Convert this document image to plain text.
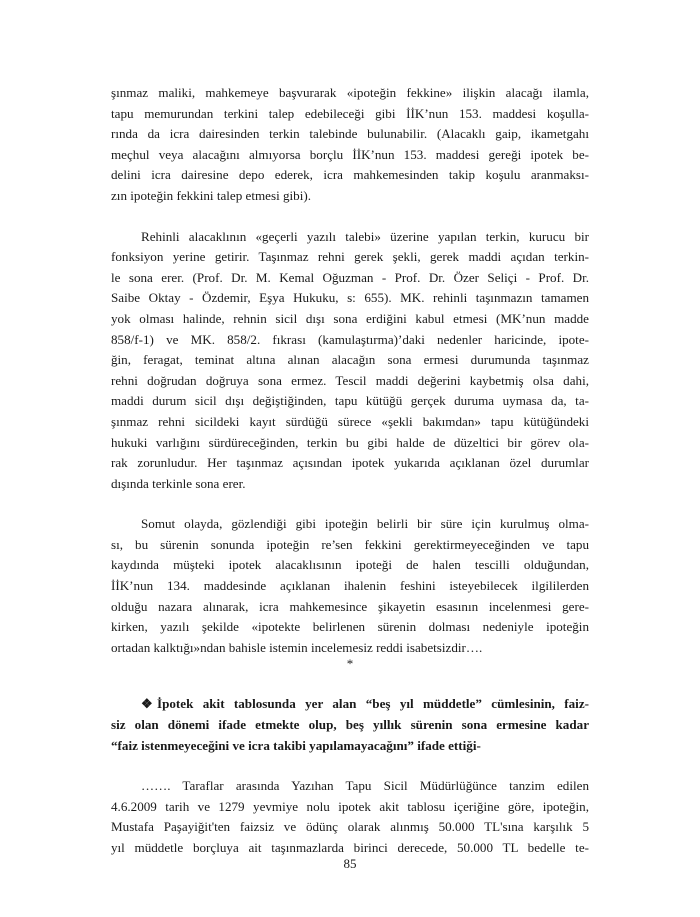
şınmaz maliki, mahkemeye başvurarak «ipoteğin fekkine» ilişkin alacağı ilamla,
tapu memurundan terkini talep edebileceği gibi İİK’nun 153. maddesi koşulla-
rında da icra dairesinden terkin talebinde bulunabilir. (Alacaklı gaip, ikametgahı
meçhul veya alacağını almıyorsa borçlu İİK’nun 153. maddesi gereği ipotek be-
delini icra dairesine depo ederek, icra mahkemesinden takip koşulu aranmaksı-
zın ipoteğin fekkini talep etmesi gibi).

Rehinli alacaklının «geçerli yazılı talebi» üzerine yapılan terkin, kurucu bir
fonksiyon yerine getirir. Taşınmaz rehni gerek şekli, gerek maddi açıdan terkin-
le sona erer. (Prof. Dr. M. Kemal Oğuzman - Prof. Dr. Özer Seliçi - Prof. Dr.
Saibe Oktay - Özdemir, Eşya Hukuku, s: 655). MK. rehinli taşınmazın tamamen
yok olması halinde, rehnin sicil dışı sona erdiğini kabul etmesi (MK’nun madde
858/f-1) ve MK. 858/2. fıkrası (kamulaştırma)’daki nedenler haricinde, ipote-
ğin, feragat, teminat altına alınan alacağın sona ermesi durumunda taşınmaz
rehni doğrudan doğruya sona ermez. Tescil maddi değerini kaybetmiş olsa dahi,
maddi durum sicil dışı değiştiğinden, tapu kütüğü gerçek duruma uymasa da, ta-
şınmaz rehni sicildeki kayıt sürdüğü sürece «şekli bakımdan» tapu kütüğündeki
hukuki varlığını sürdüreceğinden, terkin bu gibi halde de düzeltici bir görev ola-
rak zorunludur. Her taşınmaz açısından ipotek yukarıda açıklanan özel durumlar
dışında terkinle sona erer.

Somut olayda, gözlendiği gibi ipoteğin belirli bir süre için kurulmuş olma-
sı, bu sürenin sonunda ipoteğin re’sen fekkini gerektirmeyeceğinden ve tapu
kaydında müşteki ipotek alacaklısının ipoteği de halen tescilli olduğundan,
İİK’nun 134. maddesinde açıklanan ihalenin feshini isteyebilecek ilgililerden
olduğu nazara alınarak, icra mahkemesince şikayetin esasının incelenmesi gere-
kirken, yazılı şekilde «ipotekte belirlenen sürenin dolması nedeniyle ipoteğin
ortadan kalktığı»ndan bahisle istemin incelemesiz reddi isabetsizdir….

*
❖ İpotek akit tablosunda yer alan “beş yıl müddetle” cümlesinin, faiz-
siz olan dönemi ifade etmekte olup, beş yıllık sürenin sona ermesine kadar
“faiz istenmeyeceğini ve icra takibi yapılamayacağını” ifade ettiği-

……. Taraflar arasında Yazıhan Tapu Sicil Müdürlüğünce tanzim edilen
4.6.2009 tarih ve 1279 yevmiye nolu ipotek akit tablosu içeriğine göre, ipoteğin,
Mustafa Paşayiğit'ten faizsiz ve ödünç olarak alınmış 50.000 TL'sına karşılık 5
yıl müddetle borçluya ait taşınmazlarda birinci derecede, 50.000 TL bedelle te-

85
